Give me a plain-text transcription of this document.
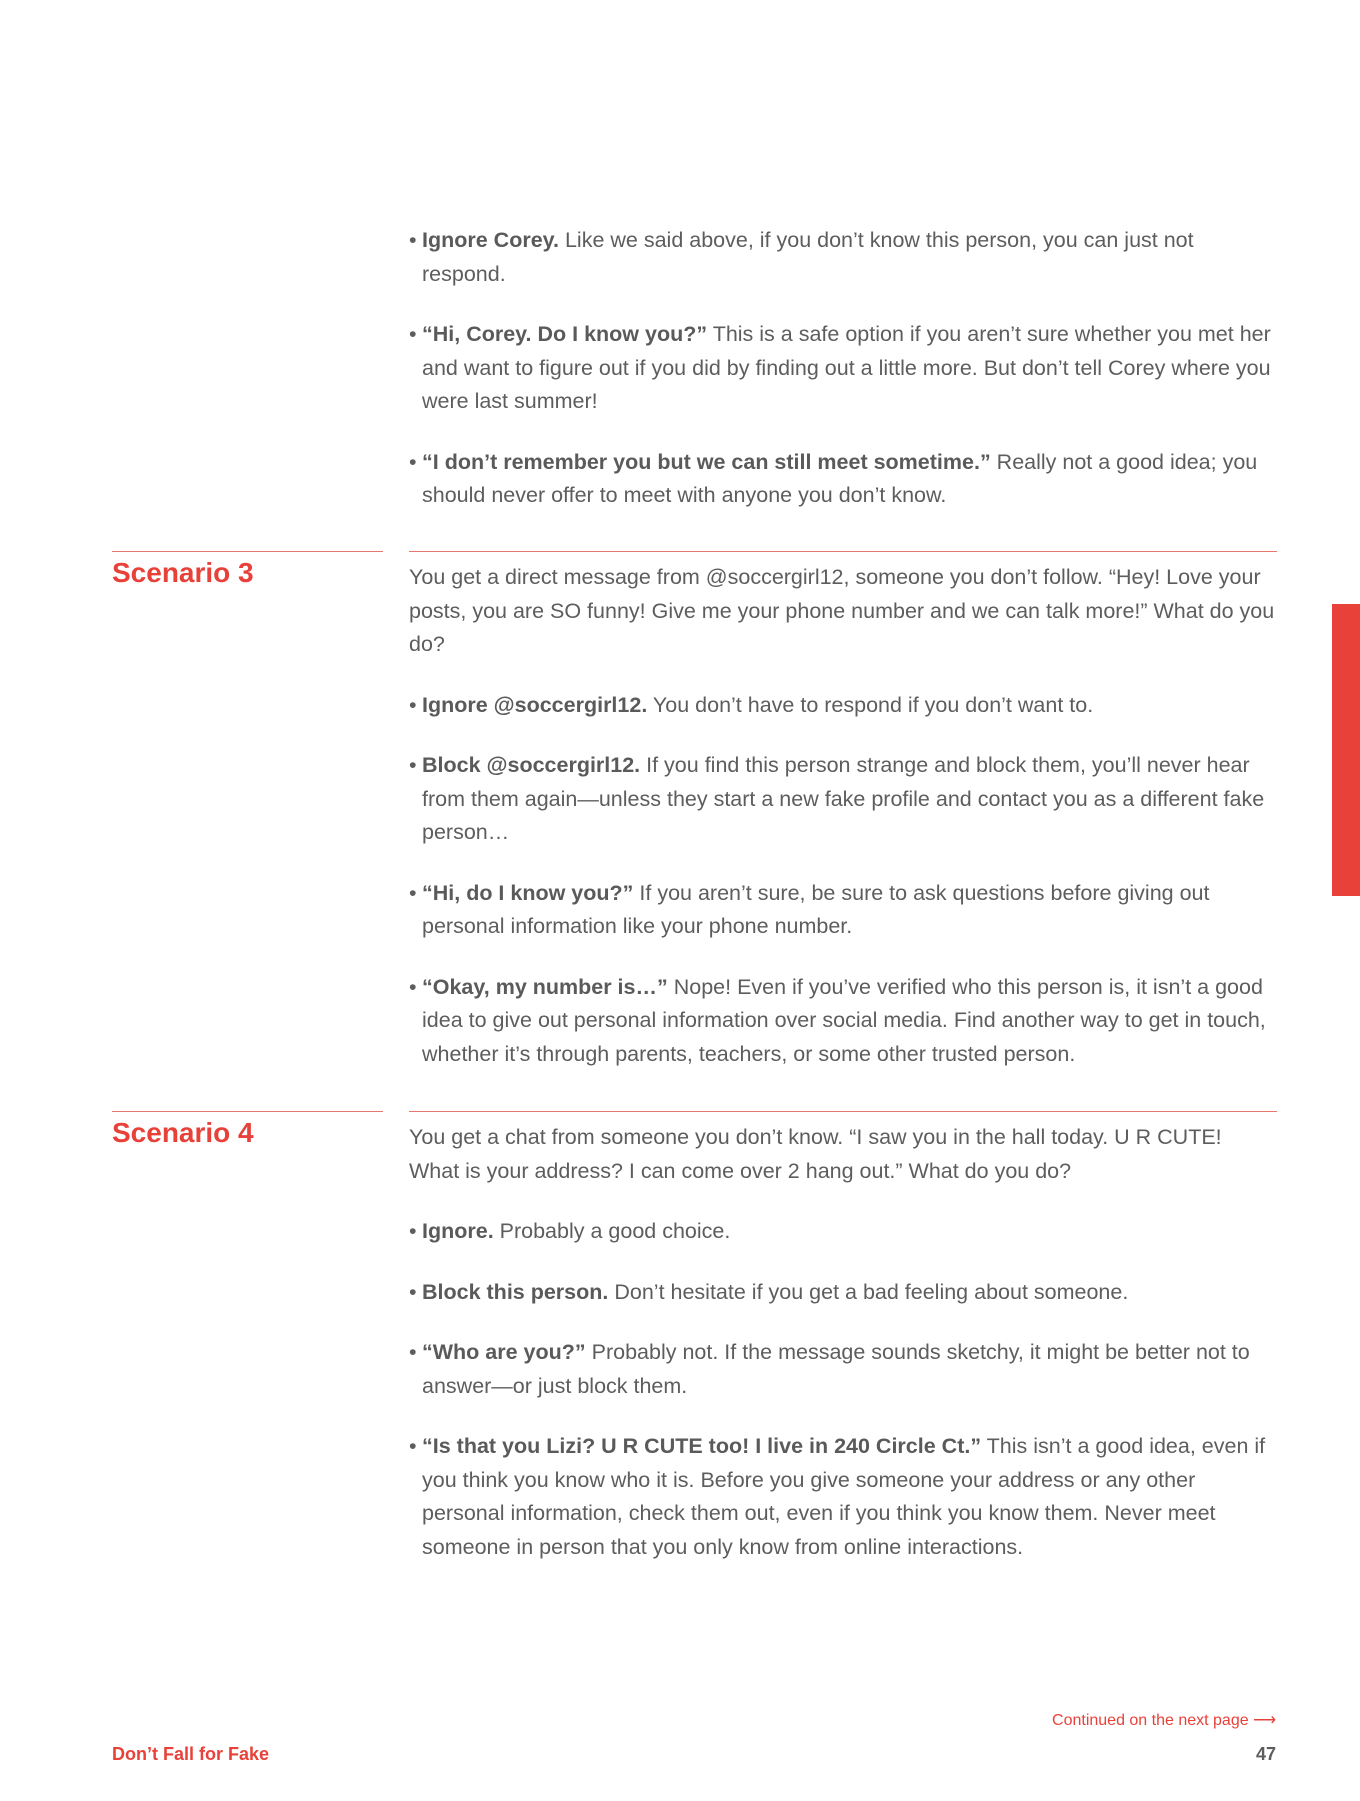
• Ignore Corey. Like we said above, if you don’t know this person, you can just not respond.
• “Hi, Corey. Do I know you?” This is a safe option if you aren’t sure whether you met her and want to figure out if you did by finding out a little more. But don’t tell Corey where you were last summer!
• “I don’t remember you but we can still meet sometime.” Really not a good idea; you should never offer to meet with anyone you don’t know.
Scenario 3	You get a direct message from @soccergirl12, someone you don’t follow. “Hey! Love your posts, you are SO funny! Give me your phone number and we can talk more!” What do you do?

• Ignore @soccergirl12. You don’t have to respond if you don’t want to.
• Block @soccergirl12. If you find this person strange and block them, you’ll never hear from them again—unless they start a new fake profile and contact you as a different fake person…
• “Hi, do I know you?” If you aren’t sure, be sure to ask questions before giving out personal information like your phone number.
• “Okay, my number is…” Nope! Even if you’ve verified who this person is, it isn’t a good idea to give out personal information over social media. Find another way to get in touch, whether it’s through parents, teachers, or some other trusted person.
Scenario 4	You get a chat from someone you don’t know. “I saw you in the hall today. U R CUTE! What is your address? I can come over 2 hang out.” What do you do?

• Ignore. Probably a good choice.
• Block this person. Don’t hesitate if you get a bad feeling about someone.
• “Who are you?” Probably not. If the message sounds sketchy, it might be better not to answer—or just block them.
• “Is that you Lizi? U R CUTE too! I live in 240 Circle Ct.” This isn’t a good idea, even if you think you know who it is. Before you give someone your address or any other personal information, check them out, even if you think you know them. Never meet someone in person that you only know from online interactions.
Continued on the next page ⟶
Don’t Fall for Fake	47
